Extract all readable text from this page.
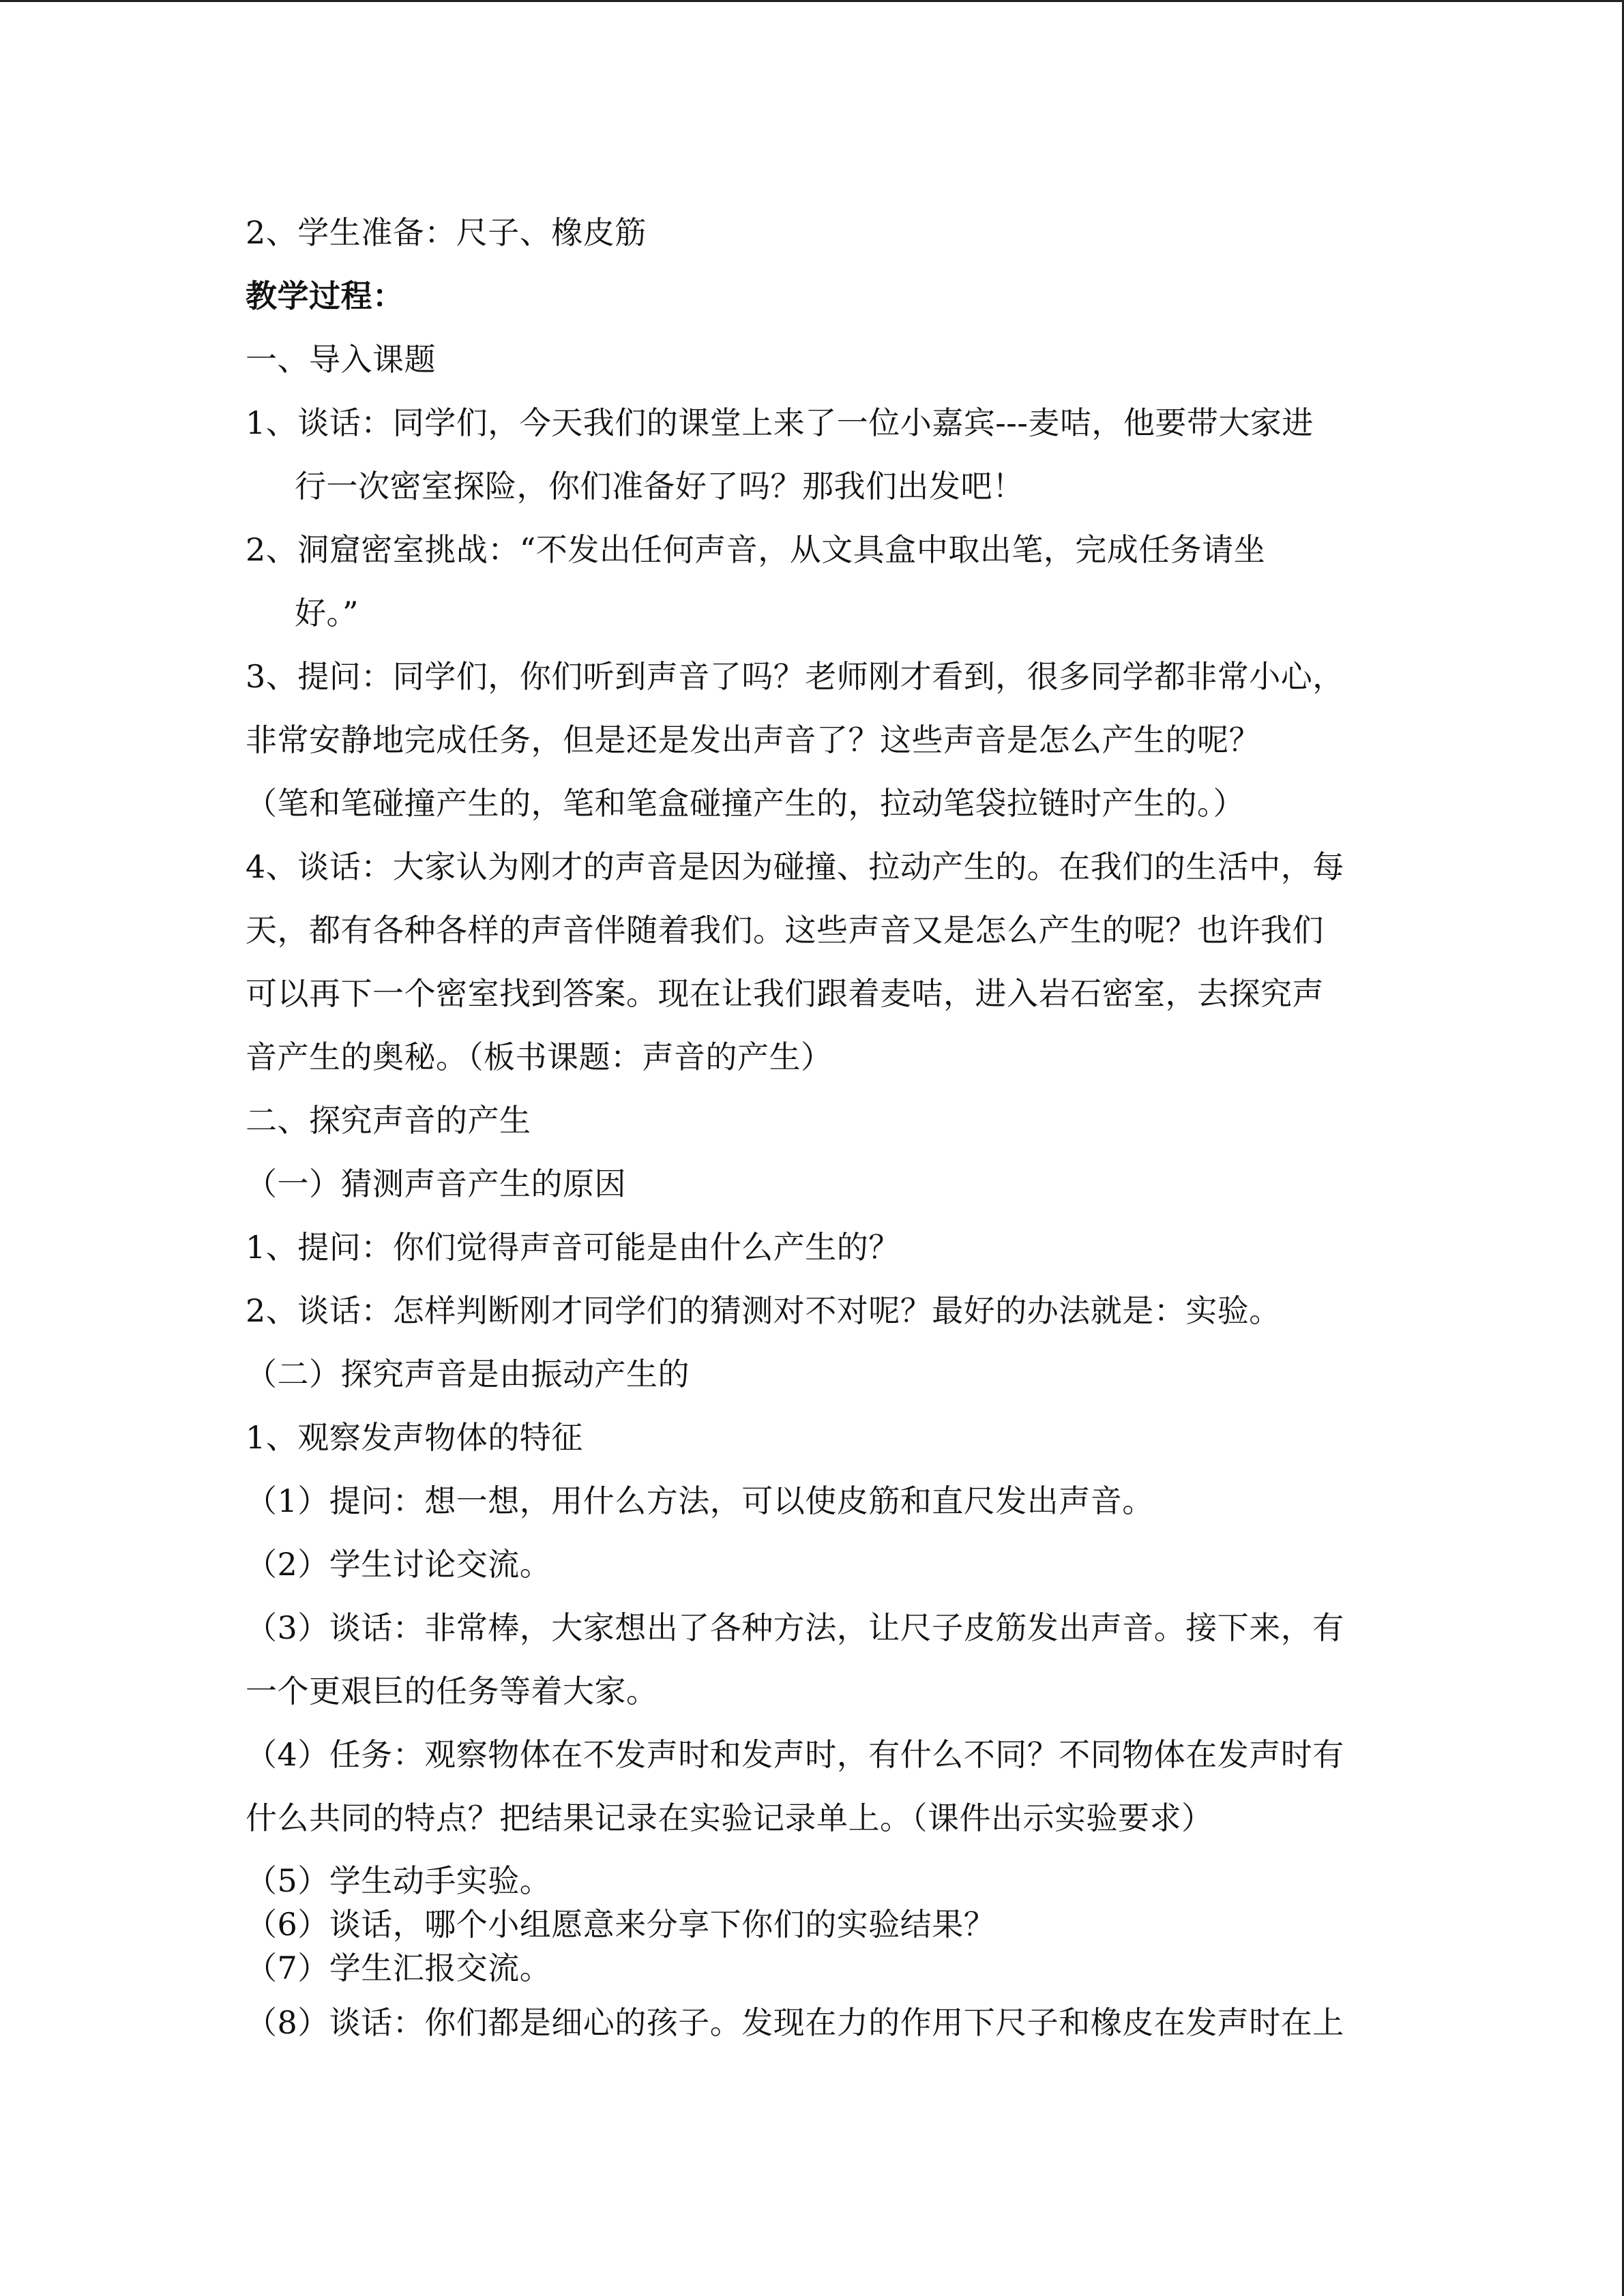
2、学生准备：尺子、橡皮筋
教学过程：
一、导入课题
1、谈话：同学们，今天我们的课堂上来了一位小嘉宾---麦咭，他要带大家进
行一次密室探险，你们准备好了吗？那我们出发吧！
2、洞窟密室挑战：“不发出任何声音，从文具盒中取出笔，完成任务请坐
好。”
3、提问：同学们，你们听到声音了吗？老师刚才看到，很多同学都非常小心，
非常安静地完成任务，但是还是发出声音了？这些声音是怎么产生的呢？
（笔和笔碰撞产生的，笔和笔盒碰撞产生的，拉动笔袋拉链时产生的。）
4、谈话：大家认为刚才的声音是因为碰撞、拉动产生的。在我们的生活中，每
天，都有各种各样的声音伴随着我们。这些声音又是怎么产生的呢？也许我们
可以再下一个密室找到答案。现在让我们跟着麦咭，进入岩石密室，去探究声
音产生的奥秘。（板书课题：声音的产生）
二、探究声音的产生
（一）猜测声音产生的原因
1、提问：你们觉得声音可能是由什么产生的？
2、谈话：怎样判断刚才同学们的猜测对不对呢？最好的办法就是：实验。
（二）探究声音是由振动产生的
1、观察发声物体的特征
（1）提问：想一想，用什么方法，可以使皮筋和直尺发出声音。
（2）学生讨论交流。
（3）谈话：非常棒，大家想出了各种方法，让尺子皮筋发出声音。接下来，有
一个更艰巨的任务等着大家。
（4）任务：观察物体在不发声时和发声时，有什么不同？不同物体在发声时有
什么共同的特点？把结果记录在实验记录单上。（课件出示实验要求）
（5）学生动手实验。
（6）谈话，哪个小组愿意来分享下你们的实验结果？
（7）学生汇报交流。
（8）谈话：你们都是细心的孩子。发现在力的作用下尺子和橡皮在发声时在上
